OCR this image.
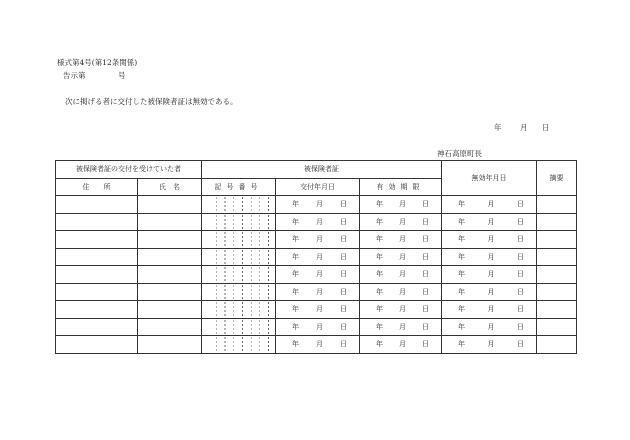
様式第4号(第12条関係)
告示第	号
次に掲げる者に交付した被保険者証は無効である。
年 月 日
神石高原町長
被保険者証の交付を受けていた者		被保険者証			無効年月日	摘要
住　　所	氏　名	記号番号	交付年月日	有効期限		

			年 月 日	年 月 日	年 月 日	

			年 月 日	年 月 日	年 月 日	

			年 月 日	年 月 日	年 月 日	

			年 月 日	年 月 日	年 月 日	

			年 月 日	年 月 日	年 月 日	

			年 月 日	年 月 日	年 月 日	

			年 月 日	年 月 日	年 月 日	

			年 月 日	年 月 日	年 月 日	

			年 月 日	年 月 日	年 月 日	
